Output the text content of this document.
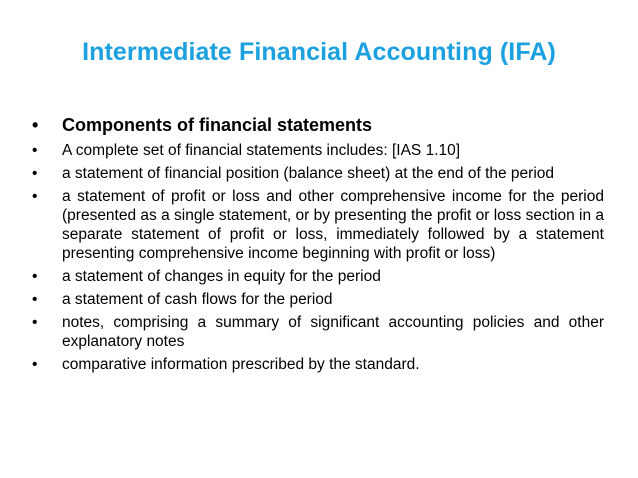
Intermediate Financial Accounting (IFA)
•	Components of financial statements
•	A complete set of financial statements includes: [IAS 1.10]
•	a statement of financial position (balance sheet) at the end of the period
•	a statement of profit or loss and other comprehensive income for the period (presented as a single statement, or by presenting the profit or loss section in a separate statement of profit or loss, immediately followed by a statement presenting comprehensive income beginning with profit or loss)
•	a statement of changes in equity for the period
•	a statement of cash flows for the period
•	notes, comprising a summary of significant accounting policies and other explanatory notes
•	comparative information prescribed by the standard.
